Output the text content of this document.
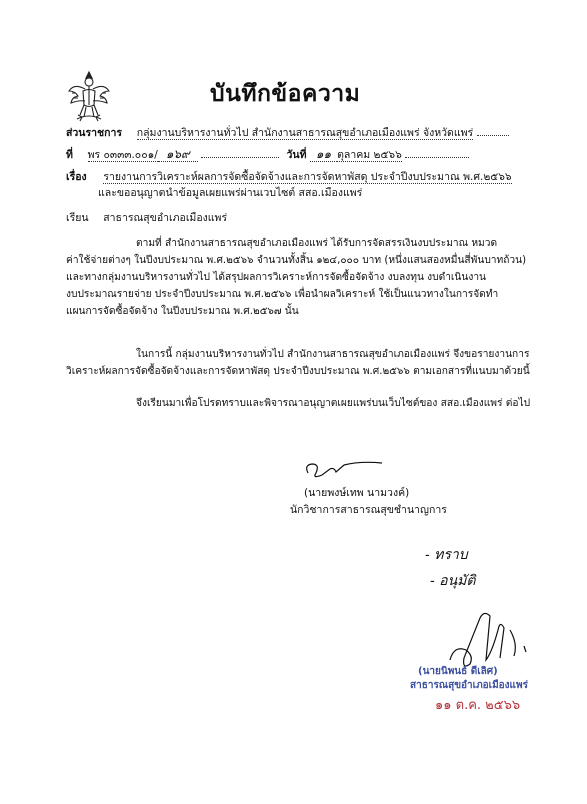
บันทึกข้อความ
ส่วนราชการ กลุ่มงานบริหารงานทั่วไป สำนักงานสาธารณสุขอำเภอเมืองแพร่ จังหวัดแพร่
ที่ พร ๐๓๓๓.๐๐๑/ ๑๖๙	วันที่ ๑๑ ตุลาคม ๒๕๖๖
เรื่อง รายงานการวิเคราะห์ผลการจัดซื้อจัดจ้างและการจัดหาพัสดุ ประจำปีงบประมาณ พ.ศ.๒๕๖๖
และขออนุญาตนำข้อมูลเผยแพร่ผ่านเวบไซต์ สสอ.เมืองแพร่
เรียน สาธารณสุขอำเภอเมืองแพร่
ตามที่ สำนักงานสาธารณสุขอำเภอเมืองแพร่ ได้รับการจัดสรรเงินงบประมาณ หมวด
ค่าใช้จ่ายต่างๆ ในปีงบประมาณ พ.ศ.๒๕๖๖ จำนวนทั้งสิ้น ๑๒๔,๐๐๐ บาท (หนึ่งแสนสองหมื่นสี่พันบาทถ้วน)
และทางกลุ่มงานบริหารงานทั่วไป ได้สรุปผลการวิเคราะห์การจัดซื้อจัดจ้าง งบลงทุน งบดำเนินงาน
งบประมาณรายจ่าย ประจำปีงบประมาณ พ.ศ.๒๕๖๖ เพื่อนำผลวิเคราะห์ ใช้เป็นแนวทางในการจัดทำ
แผนการจัดซื้อจัดจ้าง ในปีงบประมาณ พ.ศ.๒๕๖๗ นั้น
ในการนี้ กลุ่มงานบริหารงานทั่วไป สำนักงานสาธารณสุขอำเภอเมืองแพร่ จึงขอรายงานการ
วิเคราะห์ผลการจัดซื้อจัดจ้างและการจัดหาพัสดุ ประจำปีงบประมาณ พ.ศ.๒๕๖๖ ตามเอกสารที่แนบมาด้วยนี้
จึงเรียนมาเพื่อโปรดทราบและพิจารณาอนุญาตเผยแพร่บนเว็บไซต์ของ สสอ.เมืองแพร่ ต่อไป
(นายพงษ์เทพ นามวงค์)
นักวิชาการสาธารณสุขชำนาญการ
- ทราบ
- อนุมัติ
(นายนิพนธ์ ดีเลิศ)
สาธารณสุขอำเภอเมืองแพร่
๑๑ ต.ค. ๒๕๖๖
